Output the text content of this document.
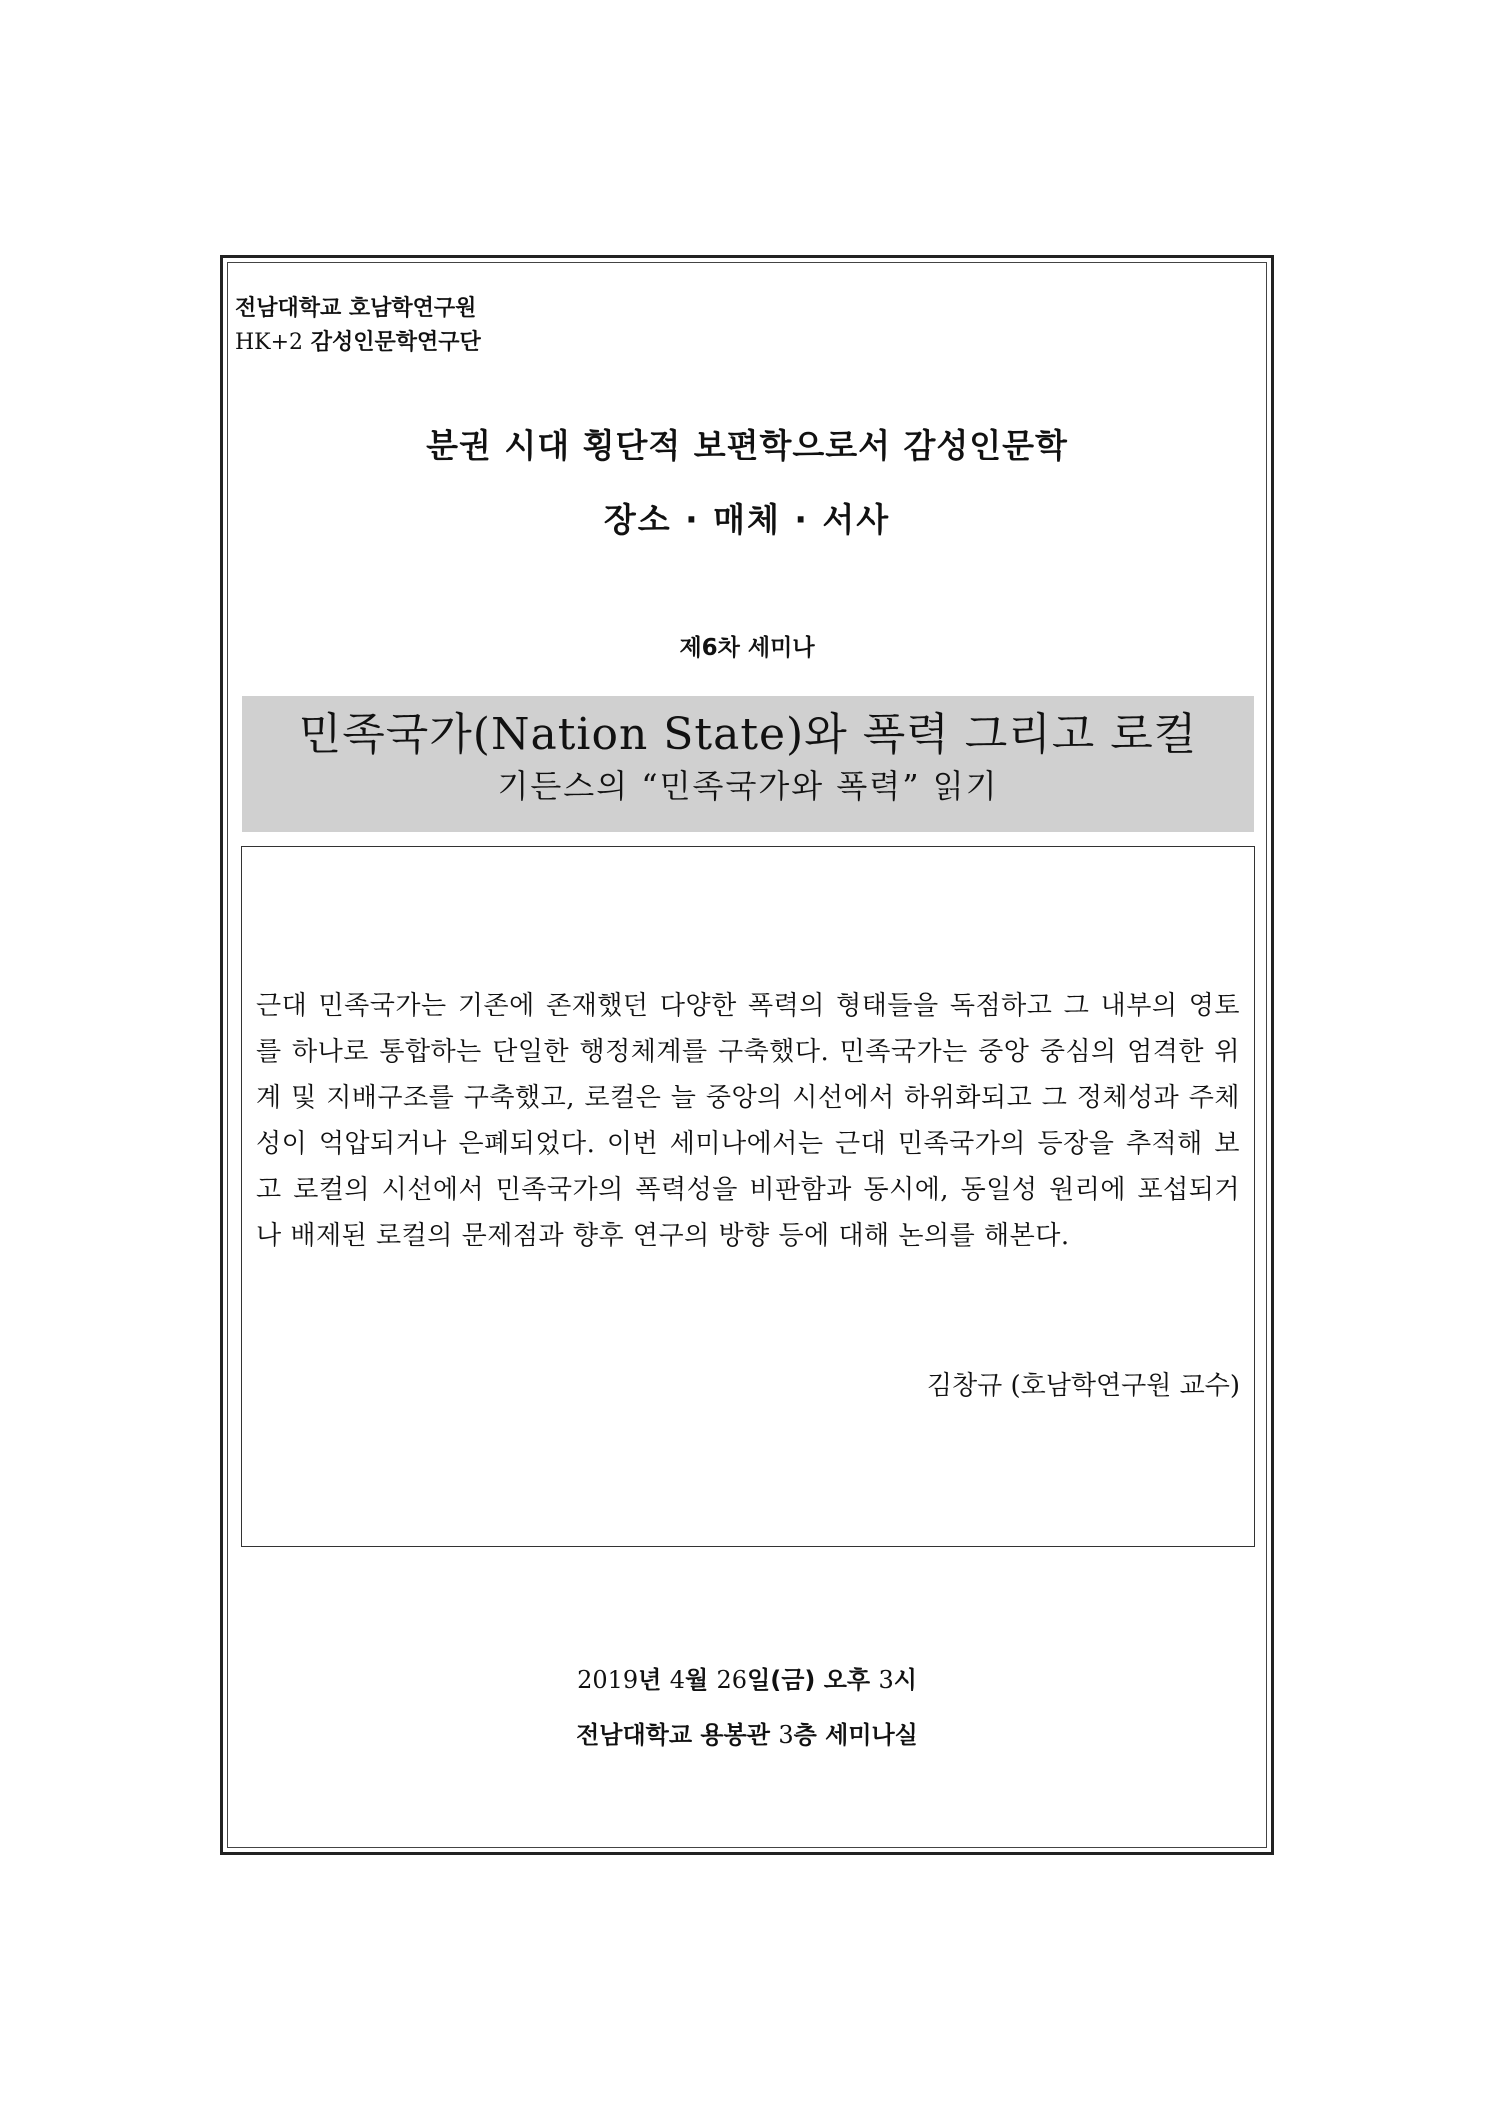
전남대학교 호남학연구원
HK+2 감성인문학연구단
분권 시대 횡단적 보편학으로서 감성인문학
장소 · 매체 · 서사
제6차 세미나
민족국가(Nation State)와 폭력 그리고 로컬
기든스의 “민족국가와 폭력” 읽기
근대 민족국가는 기존에 존재했던 다양한 폭력의 형태들을 독점하고 그 내부의 영토를 하나로 통합하는 단일한 행정체계를 구축했다. 민족국가는 중앙 중심의 엄격한 위계 및 지배구조를 구축했고, 로컬은 늘 중앙의 시선에서 하위화되고 그 정체성과 주체성이 억압되거나 은폐되었다. 이번 세미나에서는 근대 민족국가의 등장을 추적해 보고 로컬의 시선에서 민족국가의 폭력성을 비판함과 동시에, 동일성 원리에 포섭되거나 배제된 로컬의 문제점과 향후 연구의 방향 등에 대해 논의를 해본다.
김창규 (호남학연구원 교수)
2019년 4월 26일(금) 오후 3시
전남대학교 용봉관 3층 세미나실
